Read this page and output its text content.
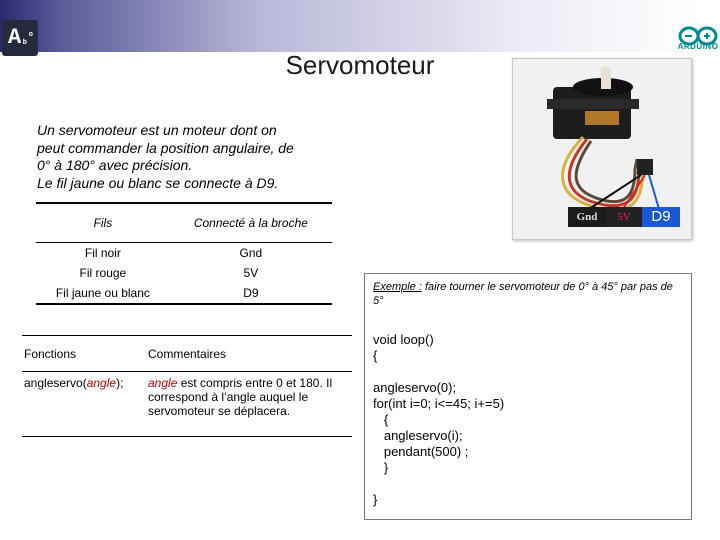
A	o
b	ARDUINO
Servomoteur
Un servomoteur est un moteur dont on
peut commander la position angulaire, de
0° à 180° avec précision.
Le fil jaune ou blanc se connecte à D9.
Gnd	5V	D9
Fils	Connecté à la broche
Fil noir	Gnd
Fil rouge	5V
Fil jaune ou blanc	D9
Fonctions	Commentaires
angleservo(angle);	angle est compris entre 0 et 180. Il correspond à l’angle auquel le servomoteur se déplacera.
Exemple : faire tourner le servomoteur de 0° à 45° par pas de 5°
void loop()
{

angleservo(0);
for(int i=0; i<=45; i+=5)
{
angleservo(i);
pendant(500) ;
}

}
